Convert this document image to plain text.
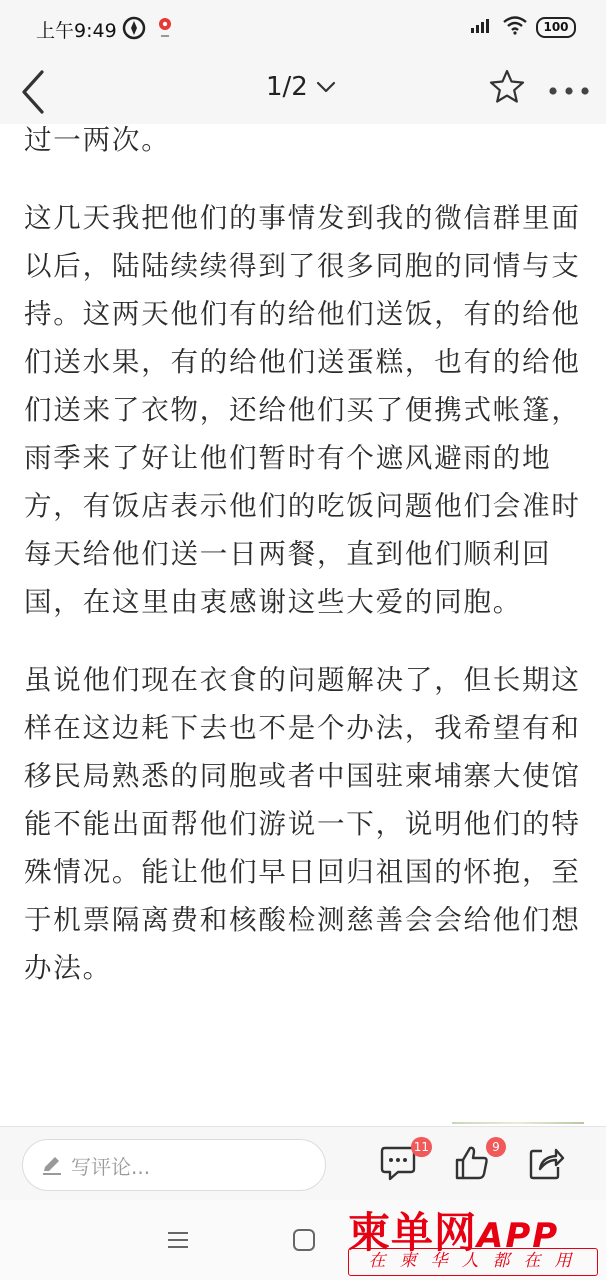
上午9:49	100
1/2

过一两次。

这几天我把他们的事情发到我的微信群里面以后，陆陆续续得到了很多同胞的同情与支持。这两天他们有的给他们送饭，有的给他们送水果，有的给他们送蛋糕，也有的给他们送来了衣物，还给他们买了便携式帐篷，雨季来了好让他们暂时有个遮风避雨的地方，有饭店表示他们的吃饭问题他们会准时每天给他们送一日两餐，直到他们顺利回国，在这里由衷感谢这些大爱的同胞。

虽说他们现在衣食的问题解决了，但长期这样在这边耗下去也不是个办法，我希望有和移民局熟悉的同胞或者中国驻柬埔寨大使馆能不能出面帮他们游说一下，说明他们的特殊情况。能让他们早日回归祖国的怀抱，至于机票隔离费和核酸检测慈善会会给他们想办法。

写评论...
11	9
柬单网APP
在柬华人都在用
